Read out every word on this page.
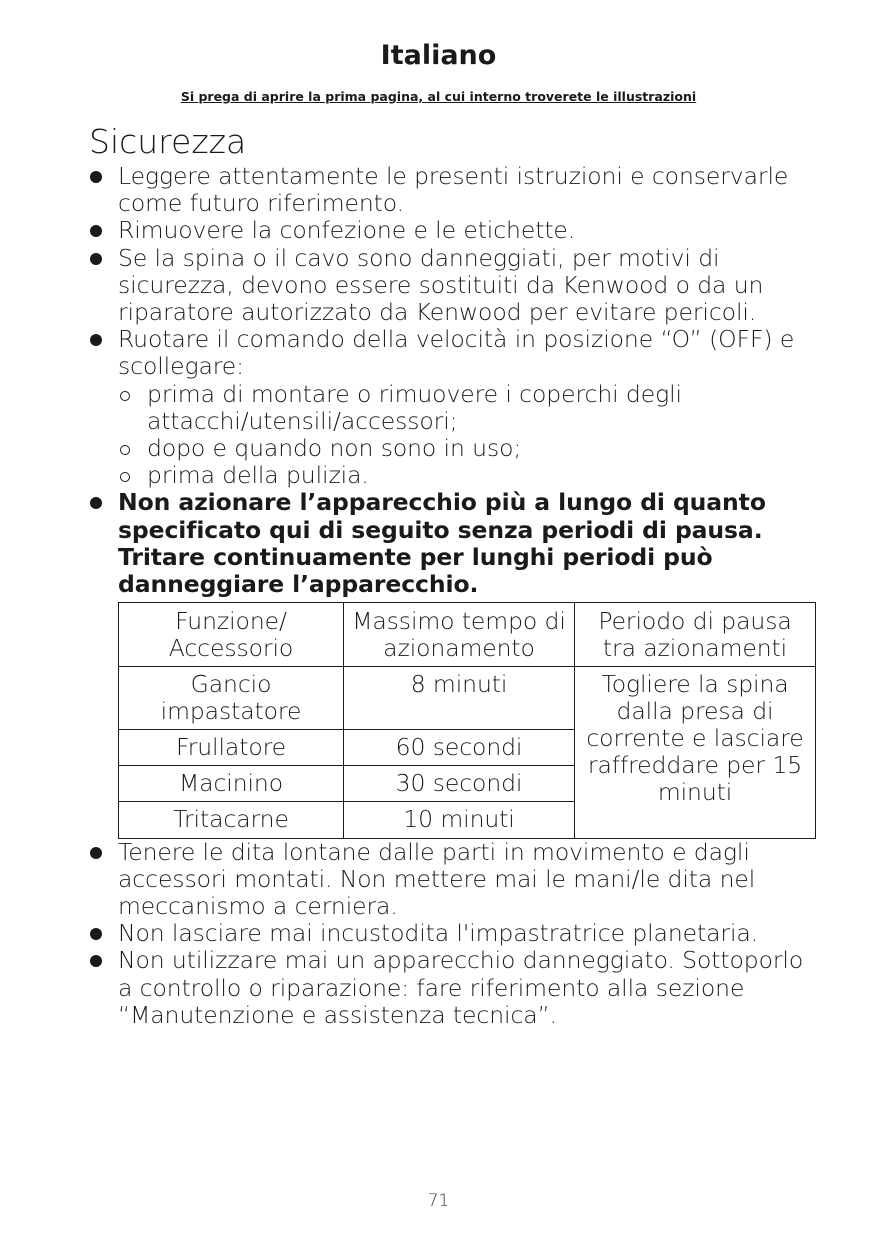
Italiano
Si prega di aprire la prima pagina, al cui interno troverete le illustrazioni
Sicurezza
Leggere attentamente le presenti istruzioni e conservarle come futuro riferimento.
Rimuovere la confezione e le etichette.
Se la spina o il cavo sono danneggiati, per motivi di sicurezza, devono essere sostituiti da Kenwood o da un riparatore autorizzato da Kenwood per evitare pericoli.
Ruotare il comando della velocità in posizione “O” (OFF) e scollegare:
prima di montare o rimuovere i coperchi degli attacchi/utensili/accessori;
dopo e quando non sono in uso;
prima della pulizia.
Non azionare l’apparecchio più a lungo di quanto specificato qui di seguito senza periodi di pausa. Tritare continuamente per lunghi periodi può danneggiare l’apparecchio.
Funzione/ Accessorio	Massimo tempo di azionamento	Periodo di pausa tra azionamenti
Gancio impastatore	8 minuti	Togliere la spina dalla presa di corrente e lasciare raffreddare per 15 minuti
Frullatore	60 secondi	
Macinino	30 secondi	
Tritacarne	10 minuti	
Tenere le dita lontane dalle parti in movimento e dagli accessori montati. Non mettere mai le mani/le dita nel meccanismo a cerniera.
Non lasciare mai incustodita l'impastratrice planetaria.
Non utilizzare mai un apparecchio danneggiato. Sottoporlo a controllo o riparazione: fare riferimento alla sezione “Manutenzione e assistenza tecnica”.
71
